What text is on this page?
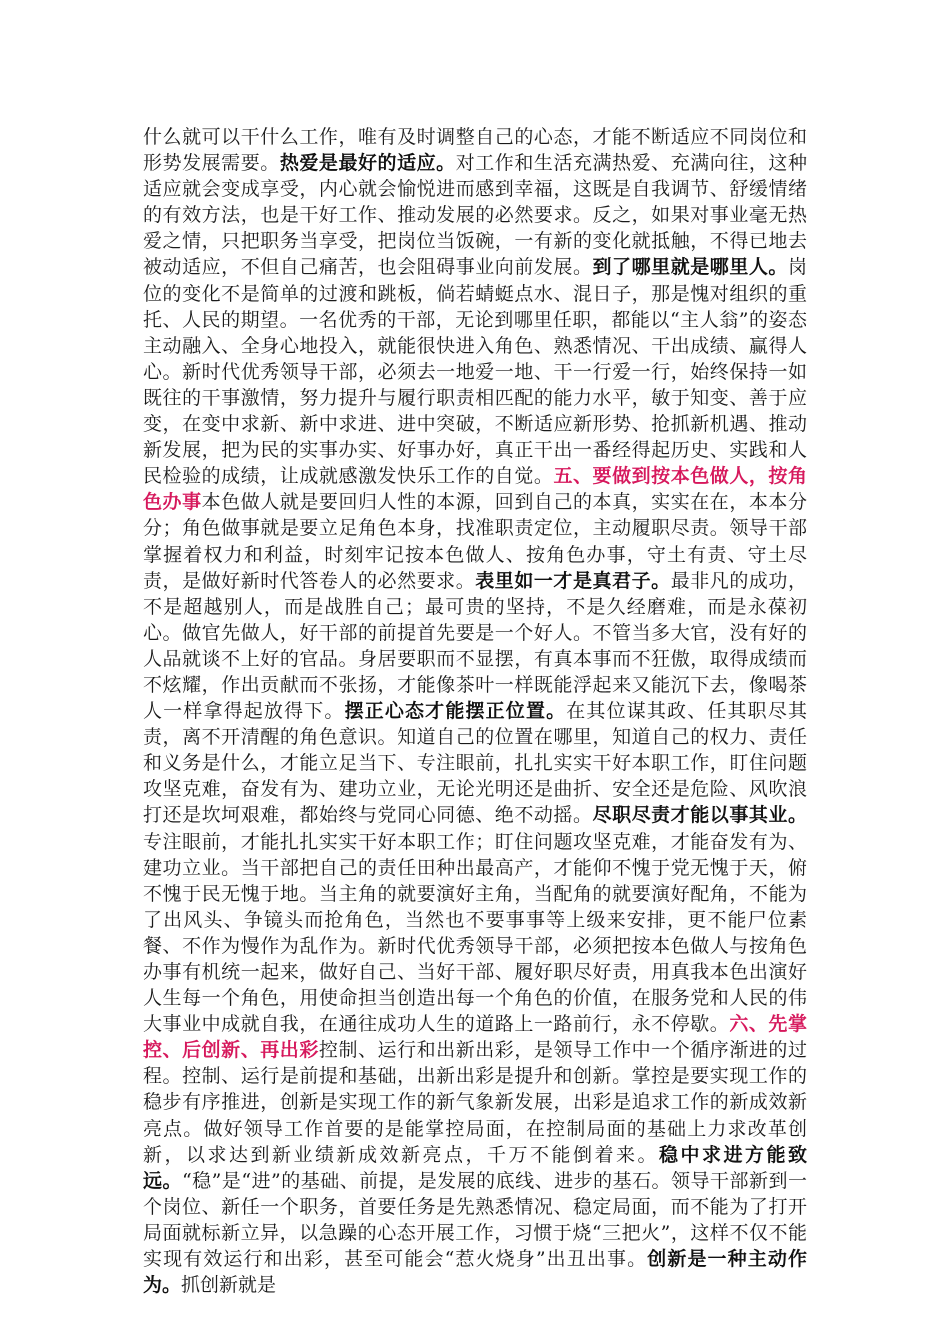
什么就可以干什么工作，唯有及时调整自己的心态，才能不断适应不同岗位和形势发展需要。热爱是最好的适应。对工作和生活充满热爱、充满向往，这种适应就会变成享受，内心就会愉悦进而感到幸福，这既是自我调节、舒缓情绪的有效方法，也是干好工作、推动发展的必然要求。反之，如果对事业毫无热爱之情，只把职务当享受，把岗位当饭碗，一有新的变化就抵触，不得已地去被动适应，不但自己痛苦，也会阻碍事业向前发展。到了哪里就是哪里人。岗位的变化不是简单的过渡和跳板，倘若蜻蜓点水、混日子，那是愧对组织的重托、人民的期望。一名优秀的干部，无论到哪里任职，都能以“主人翁”的姿态主动融入、全身心地投入，就能很快进入角色、熟悉情况、干出成绩、赢得人心。新时代优秀领导干部，必须去一地爱一地、干一行爱一行，始终保持一如既往的干事激情，努力提升与履行职责相匹配的能力水平，敏于知变、善于应变，在变中求新、新中求进、进中突破，不断适应新形势、抢抓新机遇、推动新发展，把为民的实事办实、好事办好，真正干出一番经得起历史、实践和人民检验的成绩，让成就感激发快乐工作的自觉。五、要做到按本色做人，按角色办事本色做人就是要回归人性的本源，回到自己的本真，实实在在，本本分分；角色做事就是要立足角色本身，找准职责定位，主动履职尽责。领导干部掌握着权力和利益，时刻牢记按本色做人、按角色办事，守土有责、守土尽责，是做好新时代答卷人的必然要求。表里如一才是真君子。最非凡的成功，不是超越别人，而是战胜自己；最可贵的坚持，不是久经磨难，而是永葆初心。做官先做人，好干部的前提首先要是一个好人。不管当多大官，没有好的人品就谈不上好的官品。身居要职而不显摆，有真本事而不狂傲，取得成绩而不炫耀，作出贡献而不张扬，才能像茶叶一样既能浮起来又能沉下去，像喝茶人一样拿得起放得下。摆正心态才能摆正位置。在其位谋其政、任其职尽其责，离不开清醒的角色意识。知道自己的位置在哪里，知道自己的权力、责任和义务是什么，才能立足当下、专注眼前，扎扎实实干好本职工作，盯住问题攻坚克难，奋发有为、建功立业，无论光明还是曲折、安全还是危险、风吹浪打还是坎坷艰难，都始终与党同心同德、绝不动摇。尽职尽责才能以事其业。专注眼前，才能扎扎实实干好本职工作；盯住问题攻坚克难，才能奋发有为、建功立业。当干部把自己的责任田种出最高产，才能仰不愧于党无愧于天，俯不愧于民无愧于地。当主角的就要演好主角，当配角的就要演好配角，不能为了出风头、争镜头而抢角色，当然也不要事事等上级来安排，更不能尸位素餐、不作为慢作为乱作为。新时代优秀领导干部，必须把按本色做人与按角色办事有机统一起来，做好自己、当好干部、履好职尽好责，用真我本色出演好人生每一个角色，用使命担当创造出每一个角色的价值，在服务党和人民的伟大事业中成就自我，在通往成功人生的道路上一路前行，永不停歇。六、先掌控、后创新、再出彩控制、运行和出新出彩，是领导工作中一个循序渐进的过程。控制、运行是前提和基础，出新出彩是提升和创新。掌控是要实现工作的稳步有序推进，创新是实现工作的新气象新发展，出彩是追求工作的新成效新亮点。做好领导工作首要的是能掌控局面，在控制局面的基础上力求改革创新，以求达到新业绩新成效新亮点，千万不能倒着来。稳中求进方能致远。“稳”是“进”的基础、前提，是发展的底线、进步的基石。领导干部新到一个岗位、新任一个职务，首要任务是先熟悉情况、稳定局面，而不能为了打开局面就标新立异，以急躁的心态开展工作，习惯于烧“三把火”，这样不仅不能实现有效运行和出彩，甚至可能会“惹火烧身”出丑出事。创新是一种主动作为。抓创新就是
